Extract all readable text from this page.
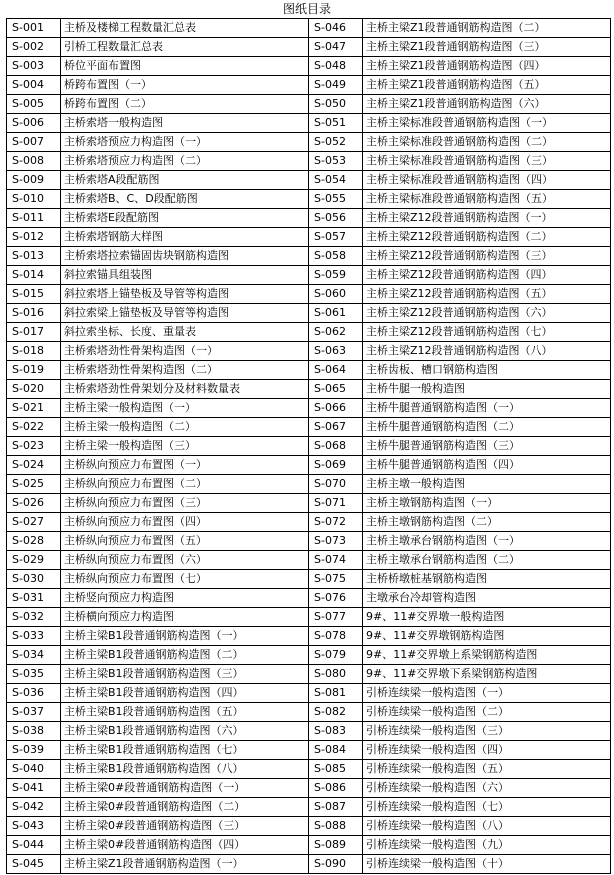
图纸目录
S-001	主桥及楼梯工程数量汇总表	S-046	主桥主梁Z1段普通钢筋构造图（二）
S-002	引桥工程数量汇总表	S-047	主桥主梁Z1段普通钢筋构造图（三）
S-003	桥位平面布置图	S-048	主桥主梁Z1段普通钢筋构造图（四）
S-004	桥跨布置图（一）	S-049	主桥主梁Z1段普通钢筋构造图（五）
S-005	桥跨布置图（二）	S-050	主桥主梁Z1段普通钢筋构造图（六）
S-006	主桥索塔一般构造图	S-051	主桥主梁标准段普通钢筋构造图（一）
S-007	主桥索塔预应力构造图（一）	S-052	主桥主梁标准段普通钢筋构造图（二）
S-008	主桥索塔预应力构造图（二）	S-053	主桥主梁标准段普通钢筋构造图（三）
S-009	主桥索塔A段配筋图	S-054	主桥主梁标准段普通钢筋构造图（四）
S-010	主桥索塔B、C、D段配筋图	S-055	主桥主梁标准段普通钢筋构造图（五）
S-011	主桥索塔E段配筋图	S-056	主桥主梁Z12段普通钢筋构造图（一）
S-012	主桥索塔钢筋大样图	S-057	主桥主梁Z12段普通钢筋构造图（二）
S-013	主桥索塔拉索锚固齿块钢筋构造图	S-058	主桥主梁Z12段普通钢筋构造图（三）
S-014	斜拉索锚具组装图	S-059	主桥主梁Z12段普通钢筋构造图（四）
S-015	斜拉索塔上锚垫板及导管等构造图	S-060	主桥主梁Z12段普通钢筋构造图（五）
S-016	斜拉索梁上锚垫板及导管等构造图	S-061	主桥主梁Z12段普通钢筋构造图（六）
S-017	斜拉索坐标、长度、重量表	S-062	主桥主梁Z12段普通钢筋构造图（七）
S-018	主桥索塔劲性骨架构造图（一）	S-063	主桥主梁Z12段普通钢筋构造图（八）
S-019	主桥索塔劲性骨架构造图（二）	S-064	主桥齿板、槽口钢筋构造图
S-020	主桥索塔劲性骨架划分及材料数量表	S-065	主桥牛腿一般构造图
S-021	主桥主梁一般构造图（一）	S-066	主桥牛腿普通钢筋构造图（一）
S-022	主桥主梁一般构造图（二）	S-067	主桥牛腿普通钢筋构造图（二）
S-023	主桥主梁一般构造图（三）	S-068	主桥牛腿普通钢筋构造图（三）
S-024	主桥纵向预应力布置图（一）	S-069	主桥牛腿普通钢筋构造图（四）
S-025	主桥纵向预应力布置图（二）	S-070	主桥主墩一般构造图
S-026	主桥纵向预应力布置图（三）	S-071	主桥主墩钢筋构造图（一）
S-027	主桥纵向预应力布置图（四）	S-072	主桥主墩钢筋构造图（二）
S-028	主桥纵向预应力布置图（五）	S-073	主桥主墩承台钢筋构造图（一）
S-029	主桥纵向预应力布置图（六）	S-074	主桥主墩承台钢筋构造图（二）
S-030	主桥纵向预应力布置图（七）	S-075	主桥桥墩桩基钢筋构造图
S-031	主桥竖向预应力构造图	S-076	主墩承台冷却管构造图
S-032	主桥横向预应力构造图	S-077	9#、11#交界墩一般构造图
S-033	主桥主梁B1段普通钢筋构造图（一）	S-078	9#、11#交界墩钢筋构造图
S-034	主桥主梁B1段普通钢筋构造图（二）	S-079	9#、11#交界墩上系梁钢筋构造图
S-035	主桥主梁B1段普通钢筋构造图（三）	S-080	9#、11#交界墩下系梁钢筋构造图
S-036	主桥主梁B1段普通钢筋构造图（四）	S-081	引桥连续梁一般构造图（一）
S-037	主桥主梁B1段普通钢筋构造图（五）	S-082	引桥连续梁一般构造图（二）
S-038	主桥主梁B1段普通钢筋构造图（六）	S-083	引桥连续梁一般构造图（三）
S-039	主桥主梁B1段普通钢筋构造图（七）	S-084	引桥连续梁一般构造图（四）
S-040	主桥主梁B1段普通钢筋构造图（八）	S-085	引桥连续梁一般构造图（五）
S-041	主桥主梁0#段普通钢筋构造图（一）	S-086	引桥连续梁一般构造图（六）
S-042	主桥主梁0#段普通钢筋构造图（二）	S-087	引桥连续梁一般构造图（七）
S-043	主桥主梁0#段普通钢筋构造图（三）	S-088	引桥连续梁一般构造图（八）
S-044	主桥主梁0#段普通钢筋构造图（四）	S-089	引桥连续梁一般构造图（九）
S-045	主桥主梁Z1段普通钢筋构造图（一）	S-090	引桥连续梁一般构造图（十）
